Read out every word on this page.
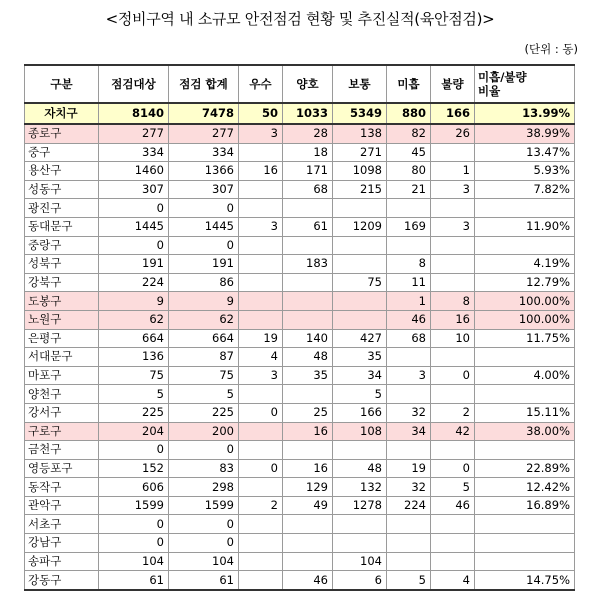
<정비구역 내 소규모 안전점검 현황 및 추진실적(육안점검)>
(단위 : 동)
구분	점검대상	점검 합계	우수	양호	보통	미흡	불량	미흡/불량
비율
자치구	8140	7478	50	1033	5349	880	166	13.99%
종로구	277	277	3	28	138	82	26	38.99%
중구	334	334		18	271	45		13.47%
용산구	1460	1366	16	171	1098	80	1	5.93%
성동구	307	307		68	215	21	3	7.82%
광진구	0	0						
동대문구	1445	1445	3	61	1209	169	3	11.90%
중랑구	0	0						
성북구	191	191		183		8		4.19%
강북구	224	86			75	11		12.79%
도봉구	9	9				1	8	100.00%
노원구	62	62				46	16	100.00%
은평구	664	664	19	140	427	68	10	11.75%
서대문구	136	87	4	48	35			
마포구	75	75	3	35	34	3	0	4.00%
양천구	5	5			5			
강서구	225	225	0	25	166	32	2	15.11%
구로구	204	200		16	108	34	42	38.00%
금천구	0	0						
영등포구	152	83	0	16	48	19	0	22.89%
동작구	606	298		129	132	32	5	12.42%
관악구	1599	1599	2	49	1278	224	46	16.89%
서초구	0	0						
강남구	0	0						
송파구	104	104			104			
강동구	61	61		46	6	5	4	14.75%
